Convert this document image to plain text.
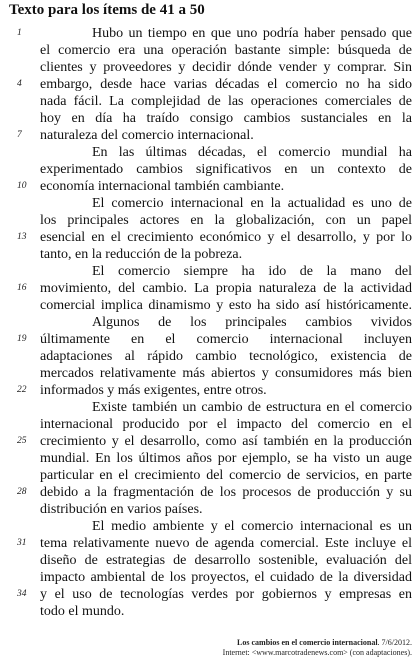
Texto para los ítems de 41 a 50
1	Hubo un tiempo en que uno podría haber pensado que
el comercio era una operación bastante simple: búsqueda de
clientes y proveedores y decidir dónde vender y comprar. Sin
4	embargo, desde hace varias décadas el comercio no ha sido
nada fácil. La complejidad de las operaciones comerciales de
hoy en día ha traído consigo cambios sustanciales en la
7	naturaleza del comercio internacional.
En las últimas décadas, el comercio mundial ha
experimentado cambios significativos en un contexto de
10 economía internacional también cambiante.
El comercio internacional en la actualidad es uno de
los principales actores en la globalización, con un papel
13 esencial en el crecimiento económico y el desarrollo, y por lo
tanto, en la reducción de la pobreza.
El comercio siempre ha ido de la mano del
16 movimiento, del cambio. La propia naturaleza de la actividad
comercial implica dinamismo y esto ha sido así históricamente.
Algunos de los principales cambios vividos
19 últimamente en el comercio internacional incluyen
adaptaciones al rápido cambio tecnológico, existencia de
mercados relativamente más abiertos y consumidores más bien
22 informados y más exigentes, entre otros.
Existe también un cambio de estructura en el comercio
internacional producido por el impacto del comercio en el
25 crecimiento y el desarrollo, como así también en la producción
mundial. En los últimos años por ejemplo, se ha visto un auge
particular en el crecimiento del comercio de servicios, en parte
28 debido a la fragmentación de los procesos de producción y su
distribución en varios países.
El medio ambiente y el comercio internacional es un
31 tema relativamente nuevo de agenda comercial. Este incluye el
diseño de estrategias de desarrollo sostenible, evaluación del
impacto ambiental de los proyectos, el cuidado de la diversidad
34 y el uso de tecnologías verdes por gobiernos y empresas en
todo el mundo.
Los cambios en el comercio internacional. 7/6/2012.
Internet: <www.marcotradenews.com> (con adaptaciones).
